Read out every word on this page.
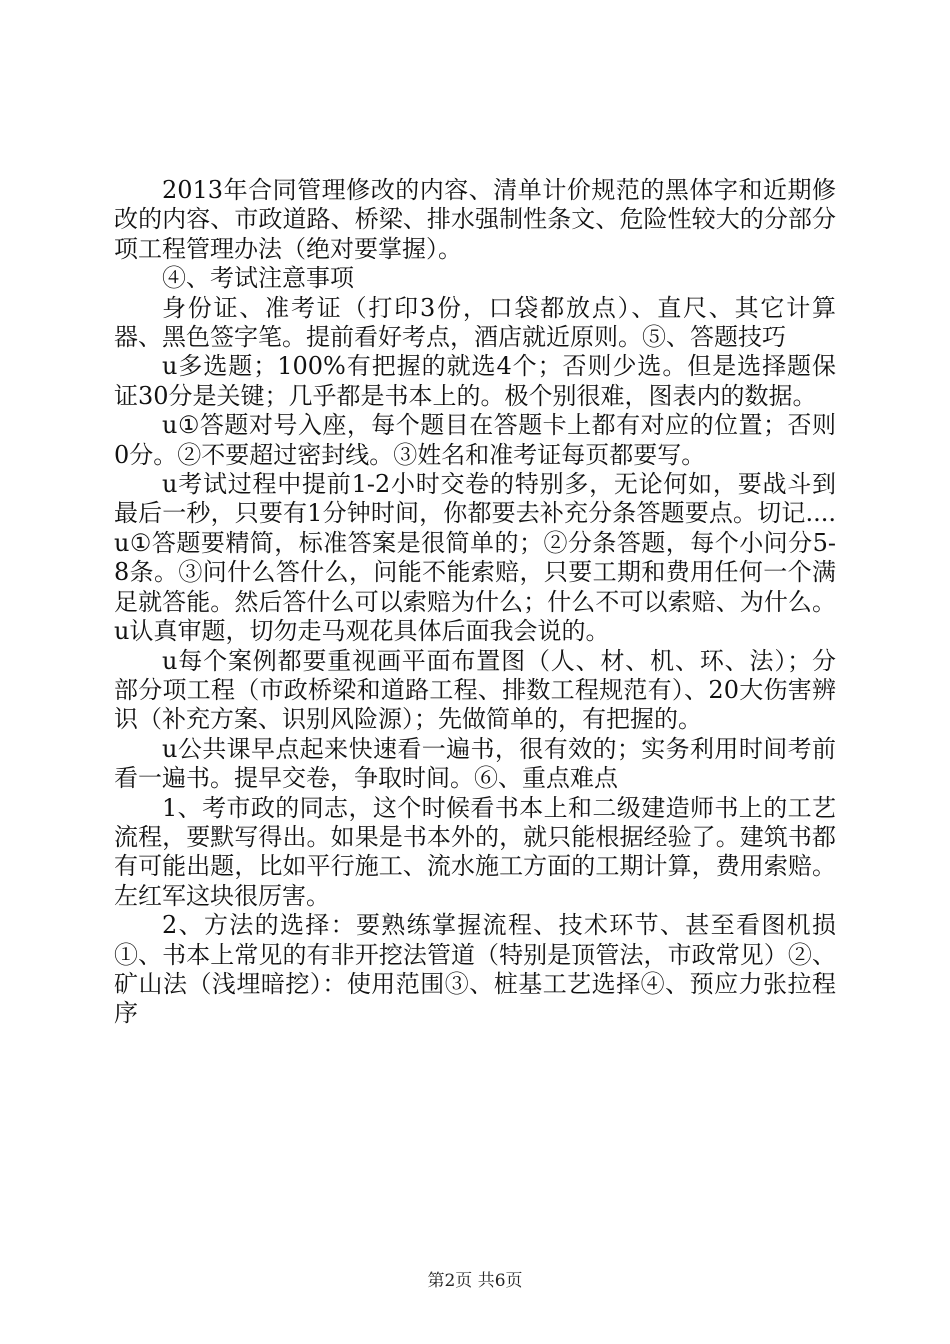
2013年合同管理修改的内容、清单计价规范的黑体字和近期修改的内容、市政道路、桥梁、排水强制性条文、危险性较大的分部分项工程管理办法（绝对要掌握）。

④、考试注意事项

身份证、准考证（打印3份，口袋都放点）、直尺、其它计算器、黑色签字笔。提前看好考点，酒店就近原则。⑤、答题技巧

u多选题；100%有把握的就选4个；否则少选。但是选择题保证30分是关键；几乎都是书本上的。极个别很难，图表内的数据。

u①答题对号入座，每个题目在答题卡上都有对应的位置；否则0分。②不要超过密封线。③姓名和准考证每页都要写。

u考试过程中提前1-2小时交卷的特别多，无论何如，要战斗到最后一秒，只要有1分钟时间，你都要去补充分条答题要点。切记....u①答题要精简，标准答案是很简单的；②分条答题，每个小问分5-8条。③问什么答什么，问能不能索赔，只要工期和费用任何一个满足就答能。然后答什么可以索赔为什么；什么不可以索赔、为什么。u认真审题，切勿走马观花具体后面我会说的。

u每个案例都要重视画平面布置图（人、材、机、环、法）；分部分项工程（市政桥梁和道路工程、排数工程规范有）、20大伤害辨识（补充方案、识别风险源）；先做简单的，有把握的。

u公共课早点起来快速看一遍书，很有效的；实务利用时间考前看一遍书。提早交卷，争取时间。⑥、重点难点

1、考市政的同志，这个时候看书本上和二级建造师书上的工艺流程，要默写得出。如果是书本外的，就只能根据经验了。建筑书都有可能出题，比如平行施工、流水施工方面的工期计算，费用索赔。左红军这块很厉害。

2、方法的选择：要熟练掌握流程、技术环节、甚至看图机损①、书本上常见的有非开挖法管道（特别是顶管法，市政常见）②、矿山法（浅埋暗挖）：使用范围③、桩基工艺选择④、预应力张拉程序

第2页 共6页
